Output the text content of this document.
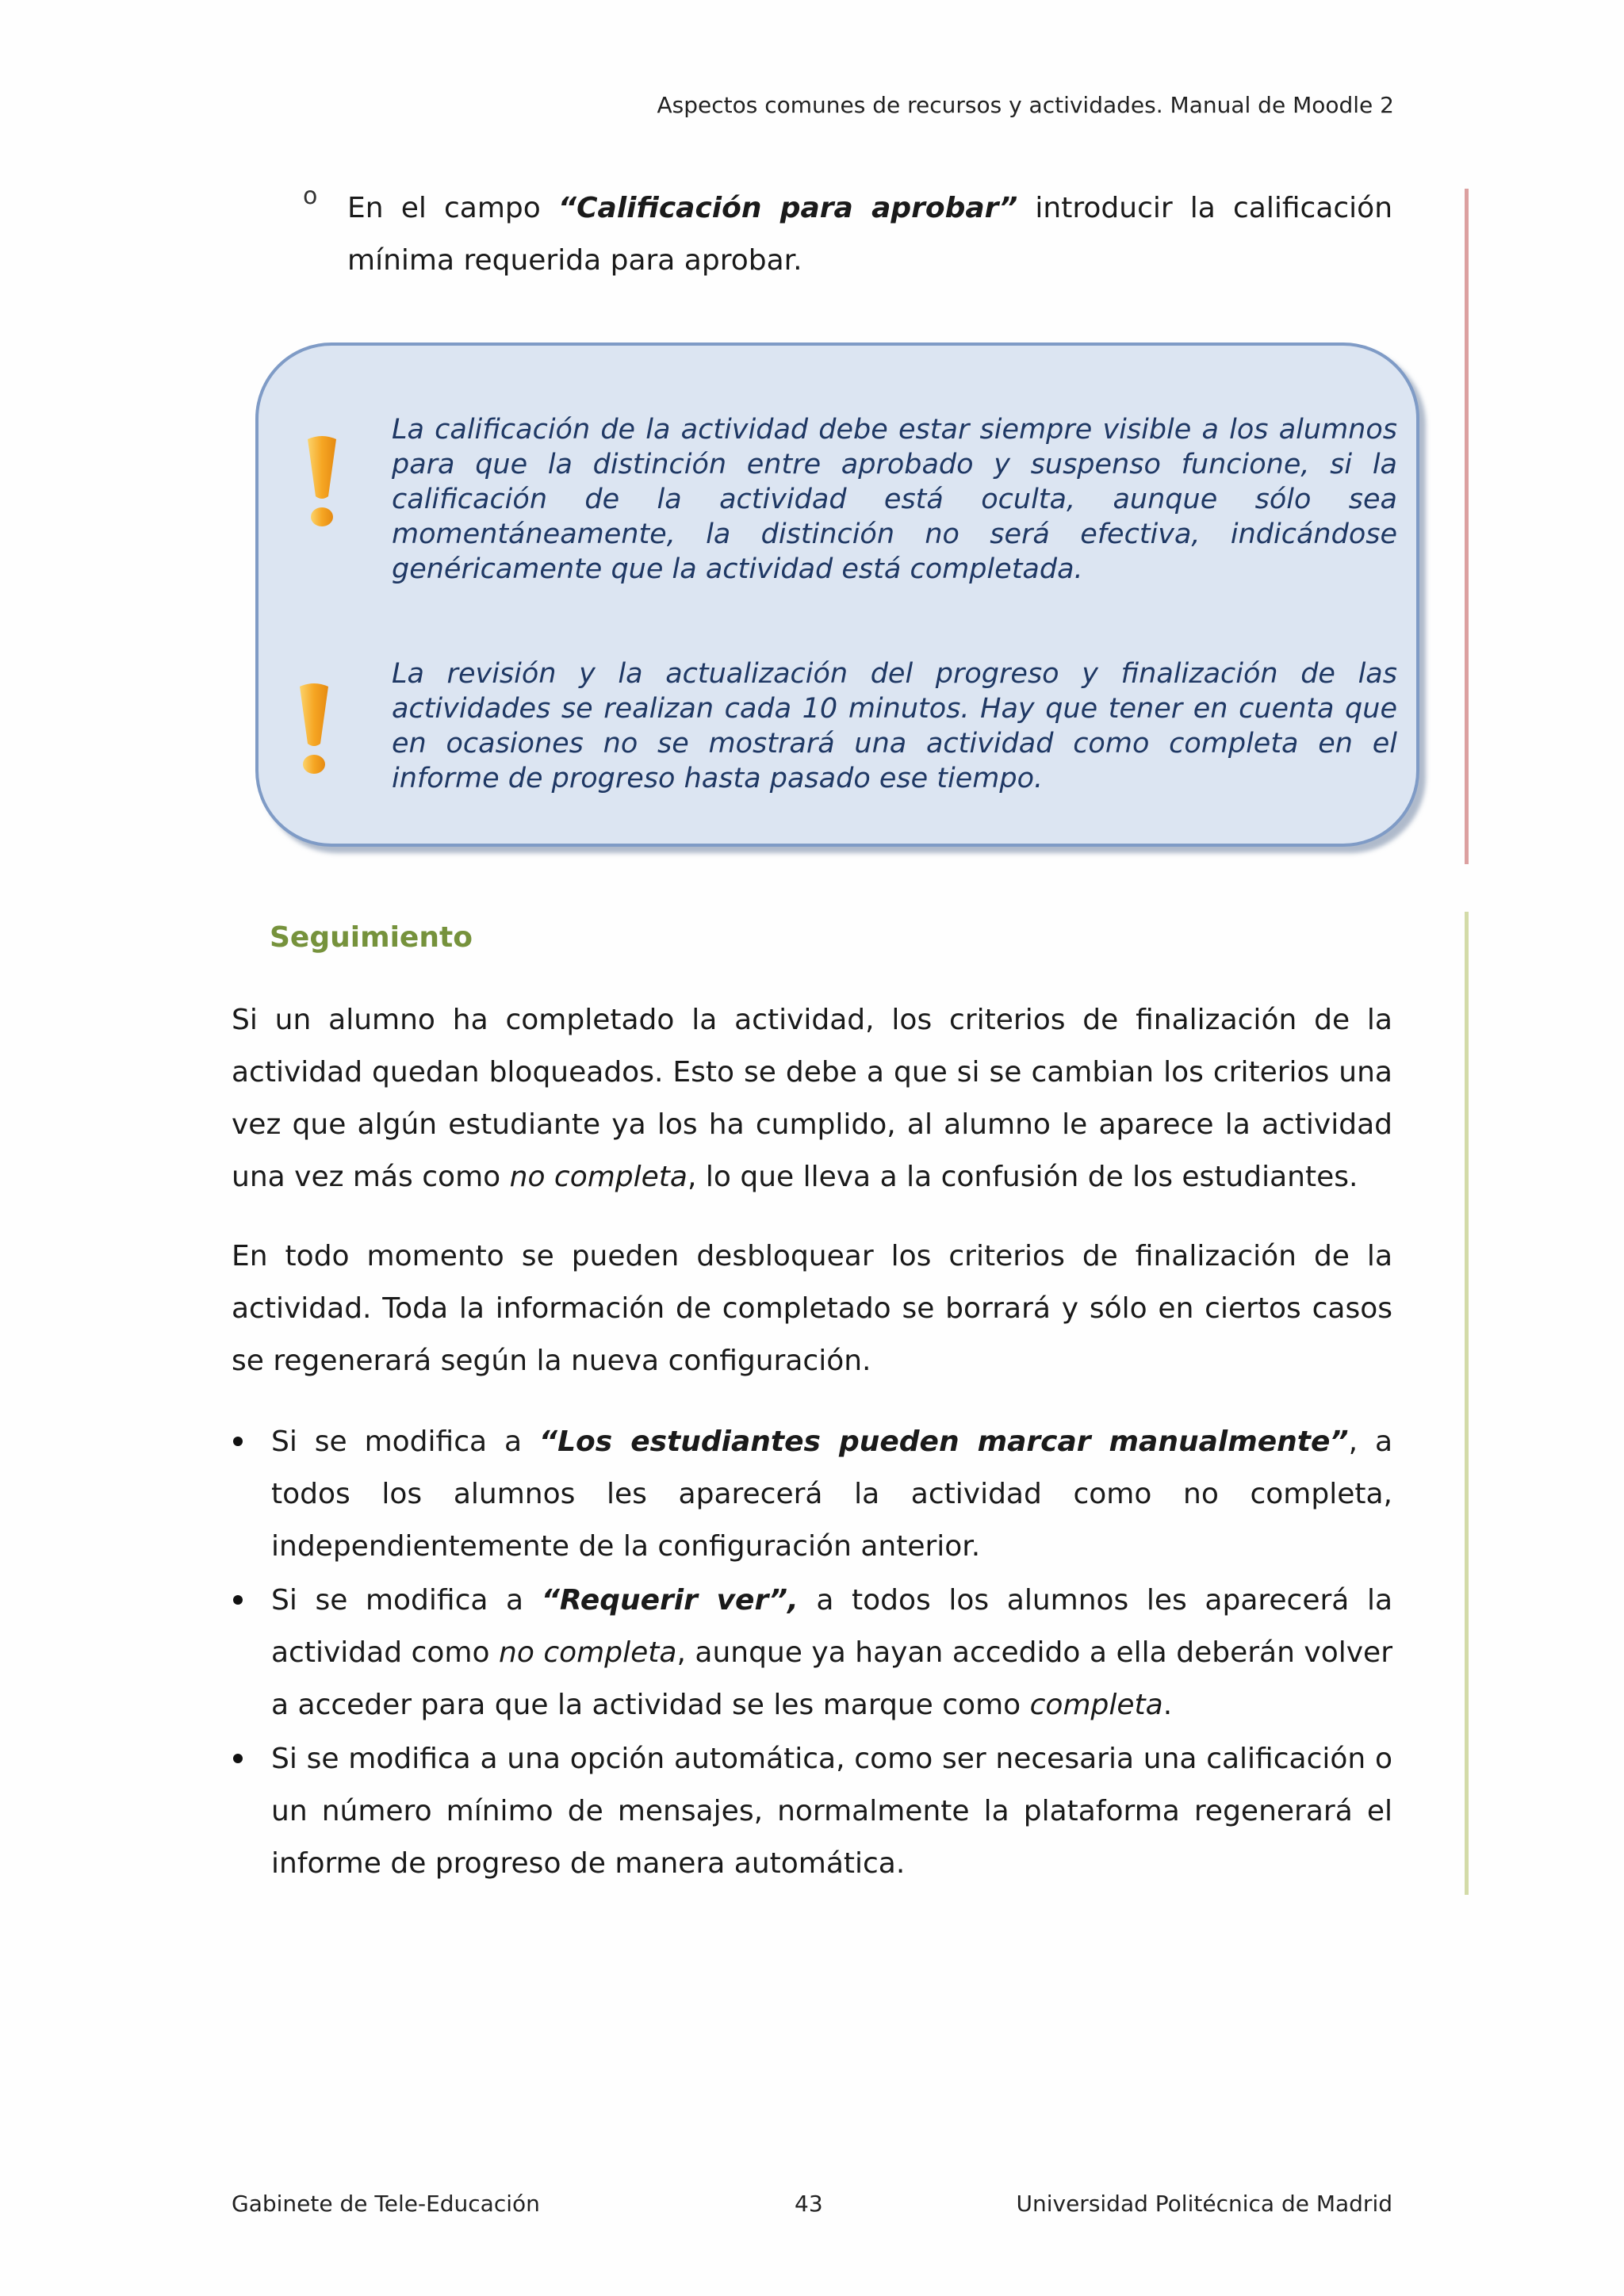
Aspectos comunes de recursos y actividades. Manual de Moodle 2
o En el campo “Calificación para aprobar” introducir la calificación mínima requerida para aprobar.
La calificación de la actividad debe estar siempre visible a los alumnos para que la distinción entre aprobado y suspenso funcione, si la calificación de la actividad está oculta, aunque sólo sea momentáneamente, la distinción no será efectiva, indicándose genéricamente que la actividad está completada.
La revisión y la actualización del progreso y finalización de las actividades se realizan cada 10 minutos. Hay que tener en cuenta que en ocasiones no se mostrará una actividad como completa en el informe de progreso hasta pasado ese tiempo.
Seguimiento
Si un alumno ha completado la actividad, los criterios de finalización de la actividad quedan bloqueados. Esto se debe a que si se cambian los criterios una vez que algún estudiante ya los ha cumplido, al alumno le aparece la actividad una vez más como no completa, lo que lleva a la confusión de los estudiantes.
En todo momento se pueden desbloquear los criterios de finalización de la actividad. Toda la información de completado se borrará y sólo en ciertos casos se regenerará según la nueva configuración.
Si se modifica a “Los estudiantes pueden marcar manualmente”, a todos los alumnos les aparecerá la actividad como no completa, independientemente de la configuración anterior.
Si se modifica a “Requerir ver”, a todos los alumnos les aparecerá la actividad como no completa, aunque ya hayan accedido a ella deberán volver a acceder para que la actividad se les marque como completa.
Si se modifica a una opción automática, como ser necesaria una calificación o un número mínimo de mensajes, normalmente la plataforma regenerará el informe de progreso de manera automática.
Gabinete de Tele-Educación	43	Universidad Politécnica de Madrid
